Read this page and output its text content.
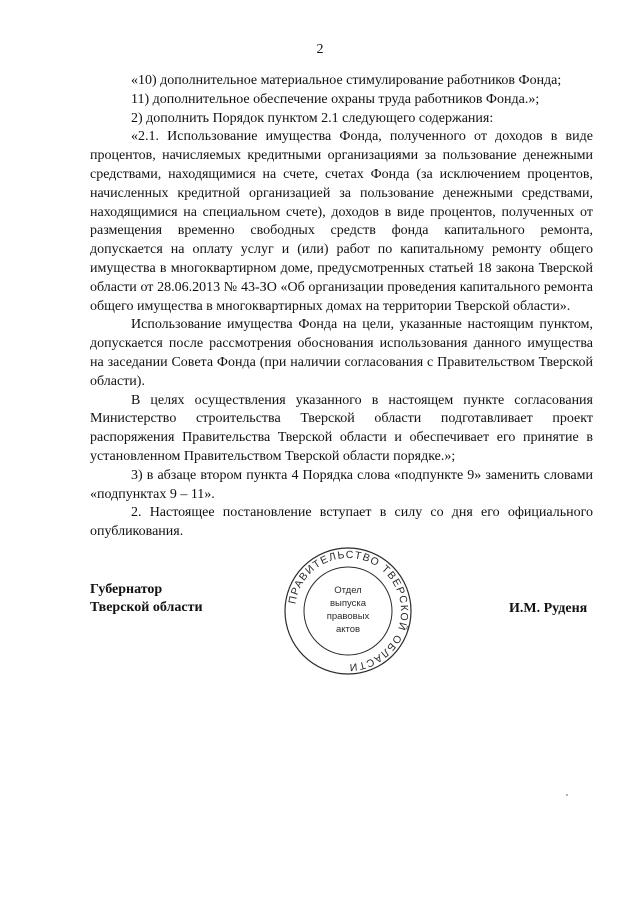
2

«10) дополнительное материальное стимулирование работников Фонда;

11) дополнительное обеспечение охраны труда работников Фонда.»;

2) дополнить Порядок пунктом 2.1 следующего содержания:

«2.1. Использование имущества Фонда, полученного от доходов в виде процентов, начисляемых кредитными организациями за пользование денежными средствами, находящимися на счете, счетах Фонда (за исключением процентов, начисленных кредитной организацией за пользование денежными средствами, находящимися на специальном счете), доходов в виде процентов, полученных от размещения временно свободных средств фонда капитального ремонта, допускается на оплату услуг и (или) работ по капитальному ремонту общего имущества в многоквартирном доме, предусмотренных статьей 18 закона Тверской области от 28.06.2013 № 43-ЗО «Об организации проведения капитального ремонта общего имущества в многоквартирных домах на территории Тверской области».

Использование имущества Фонда на цели, указанные настоящим пунктом, допускается после рассмотрения обоснования использования данного имущества на заседании Совета Фонда (при наличии согласования с Правительством Тверской области).

В целях осуществления указанного в настоящем пункте согласования Министерство строительства Тверской области подготавливает проект распоряжения Правительства Тверской области и обеспечивает его принятие в установленном Правительством Тверской области порядке.»;

3) в абзаце втором пункта 4 Порядка слова «подпункте 9» заменить словами «подпунктах 9 – 11».

2. Настоящее постановление вступает в силу со дня его официального опубликования.

Губернатор
Тверской области
ПРАВИТЕЛЬСТВО ТВЕРСКОЙ ОБЛАСТИ
Отдел
выпуска
правовых
актов
И.М. Руденя
